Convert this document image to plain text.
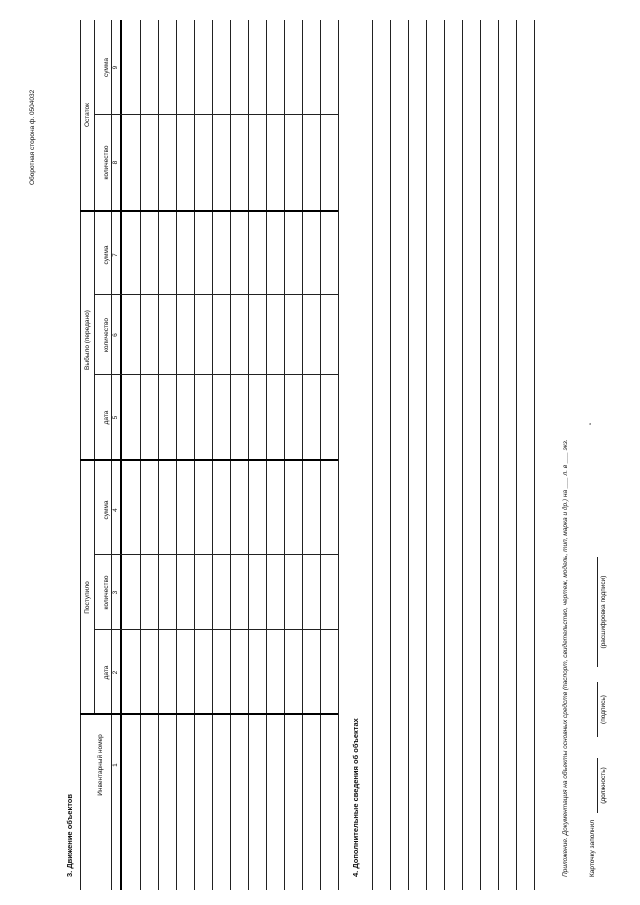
Оборотная сторона ф. 0504032
3. Движение объектов
Инвентарный номер
Поступило
Выбыло (передано)
Остаток
дата
количество
сумма
дата
количество
сумма
количество
сумма
1
2
3
4
5
6
7
8
9
4. Дополнительные сведения об объектах	Приложение. Документация на объекты основных средств (паспорт, свидетельство, чертеж, модель, тип, марка и др.) на ___ л. в ___ экз.	Карточку заполнил
(должность)
(подпись)
(расшифровка подписи)
"
